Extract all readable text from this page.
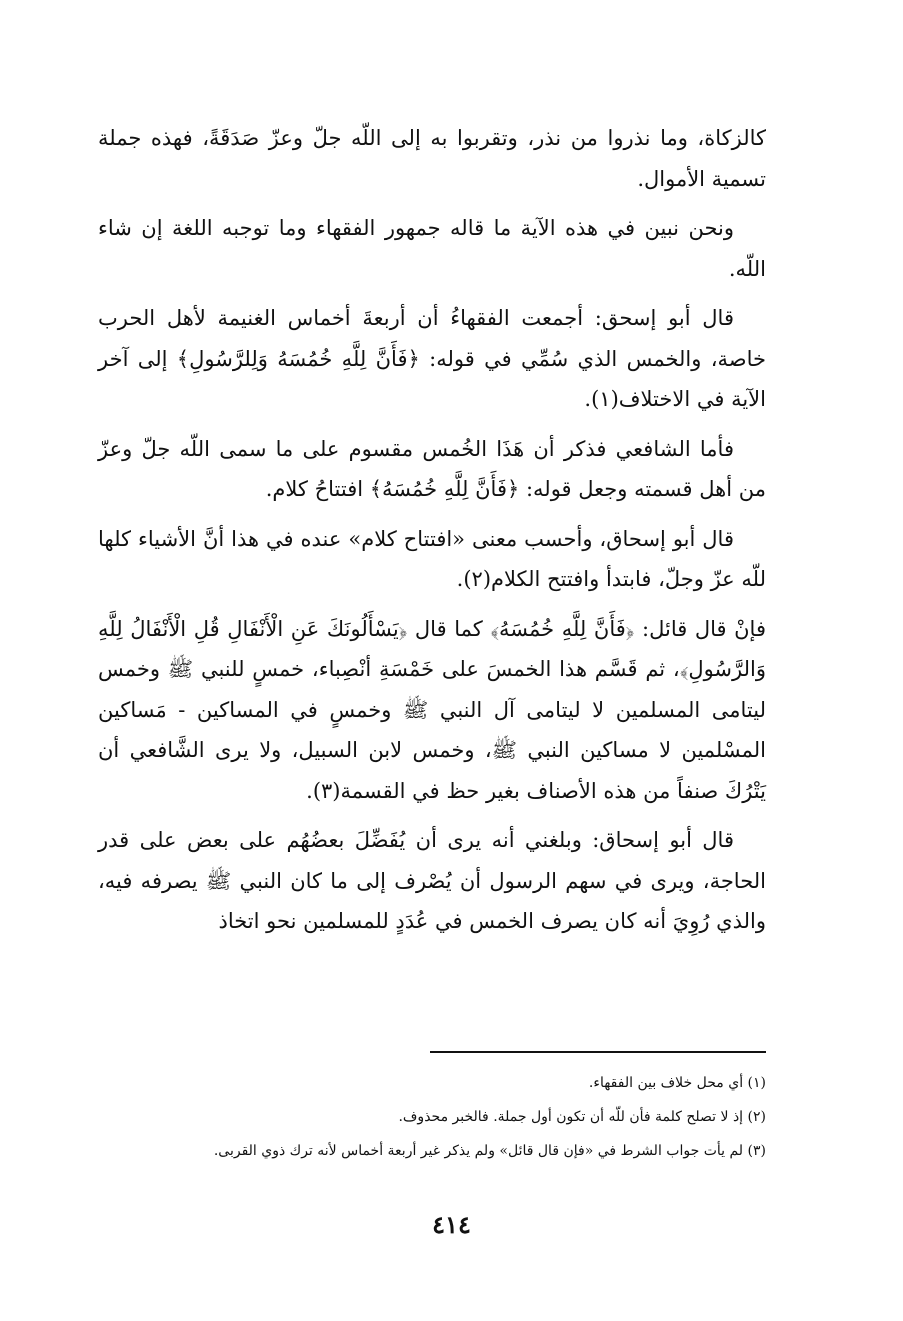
كالزكاة، وما نذروا من نذر، وتقربوا به إلى اللّه جلّ وعزّ صَدَقَةً، فهذه جملة تسمية الأموال.

ونحن نبين في هذه الآية ما قاله جمهور الفقهاء وما توجبه اللغة إن شاء اللّه.

قال أبو إسحق: أجمعت الفقهاءُ أن أربعةَ أخماس الغنيمة لأهل الحرب خاصة، والخمس الذي سُمِّي في قوله: ﴿فَأَنَّ لِلَّهِ خُمُسَهُ وَلِلرَّسُولِ﴾ إلى آخر الآية في الاختلاف(١).

فأما الشافعي فذكر أن هَذَا الخُمس مقسوم على ما سمى اللّه جلّ وعزّ من أهل قسمته وجعل قوله: ﴿فَأَنَّ لِلَّهِ خُمُسَهُ﴾ افتتاحُ كلام.

قال أبو إسحاق، وأحسب معنى «افتتاح كلام» عنده في هذا أنَّ الأشياء كلها للّه عزّ وجلّ، فابتدأ وافتتح الكلام(٢).

فإنْ قال قائل: ﴿فَأَنَّ لِلَّهِ خُمُسَهُ﴾ كما قال ﴿يَسْأَلُونَكَ عَنِ الْأَنْفَالِ قُلِ الْأَنْفَالُ لِلَّهِ وَالرَّسُولِ﴾، ثم قَسَّم هذا الخمسَ على خَمْسَةِ أنْصِباء، خمسٍ للنبي ﷺ وخمس ليتامى المسلمين لا ليتامى آل النبي ﷺ وخمسٍ في المساكين - مَساكين المسْلمين لا مساكين النبي ﷺ، وخمس لابن السبيل، ولا يرى الشَّافعي أن يَتْرُكَ صنفاً من هذه الأصناف بغير حظ في القسمة(٣).

قال أبو إسحاق: وبلغني أنه يرى أن يُفَضِّلَ بعضُهُم على بعض على قدر الحاجة، ويرى في سهم الرسول أن يُصْرف إلى ما كان النبي ﷺ يصرفه فيه، والذي رُوِيَ أنه كان يصرف الخمس في عُدَدٍ للمسلمين نحو اتخاذ

(١) أي محل خلاف بين الفقهاء.

(٢) إذ لا تصلح كلمة فأن للّه أن تكون أول جملة. فالخبر محذوف.

(٣) لم يأت جواب الشرط في «فإن قال قائل» ولم يذكر غير أربعة أخماس لأنه ترك ذوي القربى.

٤١٤
